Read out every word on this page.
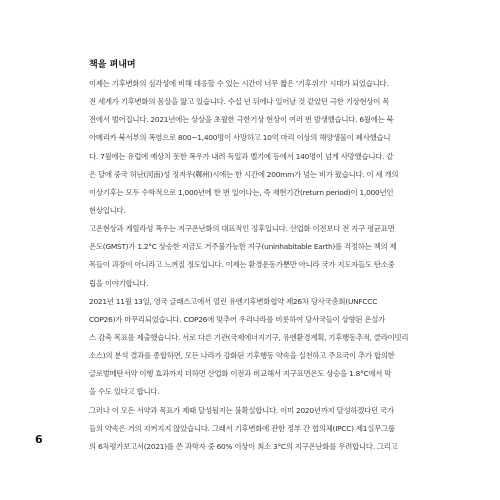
책을 펴내며
이제는 기후변화의 심각성에 비해 대응할 수 있는 시간이 너무 짧은 '기후위기' 시대가 되었습니다.
전 세계가 기후변화의 몸살을 앓고 있습니다. 수십 년 뒤에나 일어날 것 같았던 극한 기상현상이 목
전에서 벌어집니다. 2021년에는 상상을 초월한 극한기상 현상이 여러 번 발생했습니다. 6월에는 북
아메리카 북서부의 폭염으로 800~1,400명이 사망하고 10억 마리 이상의 해양생물이 폐사했습니
다. 7월에는 유럽에 예상치 못한 폭우가 내려 독일과 벨기에 등에서 140명이 넘게 사망했습니다. 같
은 달에 중국 허난(河南)성 정저우(鄭州)시에는 한 시간에 200mm가 넘는 비가 왔습니다. 이 세 개의
이상기후는 모두 수학적으로 1,000년에 한 번 일어나는, 즉 재현기간(return period)이 1,000년인
현상입니다.
고온현상과 게릴라성 폭우는 지구온난화의 대표적인 징후입니다. 산업화 이전보다 전 지구 평균표면
온도(GMST)가 1.2°C 상승한 지금도 거주불가능한 지구(uninhabitable Earth)를 걱정하는 책의 제
목들이 과장이 아니라고 느껴질 정도입니다. 이제는 환경운동가뿐만 아니라 국가 지도자들도 탄소중
립을 이야기합니다.
2021년 11월 13일, 영국 글래스고에서 열린 유엔기후변화협약 제26차 당사국총회(UNFCCC
COP26)가 마무리되었습니다. COP26에 맞추어 우리나라를 비롯하여 당사국들이 상향된 온실가
스 감축 목표를 제출했습니다. 서로 다른 기관(국제에너지기구, 유엔환경계획, 기후행동추적, 클라이밋리
소스)의 분석 결과를 종합하면, 모든 나라가 강화된 기후행동 약속을 실천하고 주요국이 추가 합의한
글로벌메탄서약 이행 효과까지 더하면 산업화 이전과 비교해서 지구표면온도 상승을 1.8°C에서 막
을 수도 있다고 합니다.
그러나 이 모든 서약과 목표가 제때 달성될지는 불확실합니다. 이미 2020년까지 달성하겠다던 국가
들의 약속은 거의 지켜지지 않았습니다. 그래서 기후변화에 관한 정부 간 협의체(IPCC) 제1실무그룹
의 6차평가보고서(2021)를 쓴 과학자 중 60% 이상이 최소 3°C의 지구온난화를 우려합니다. 그리고
6
